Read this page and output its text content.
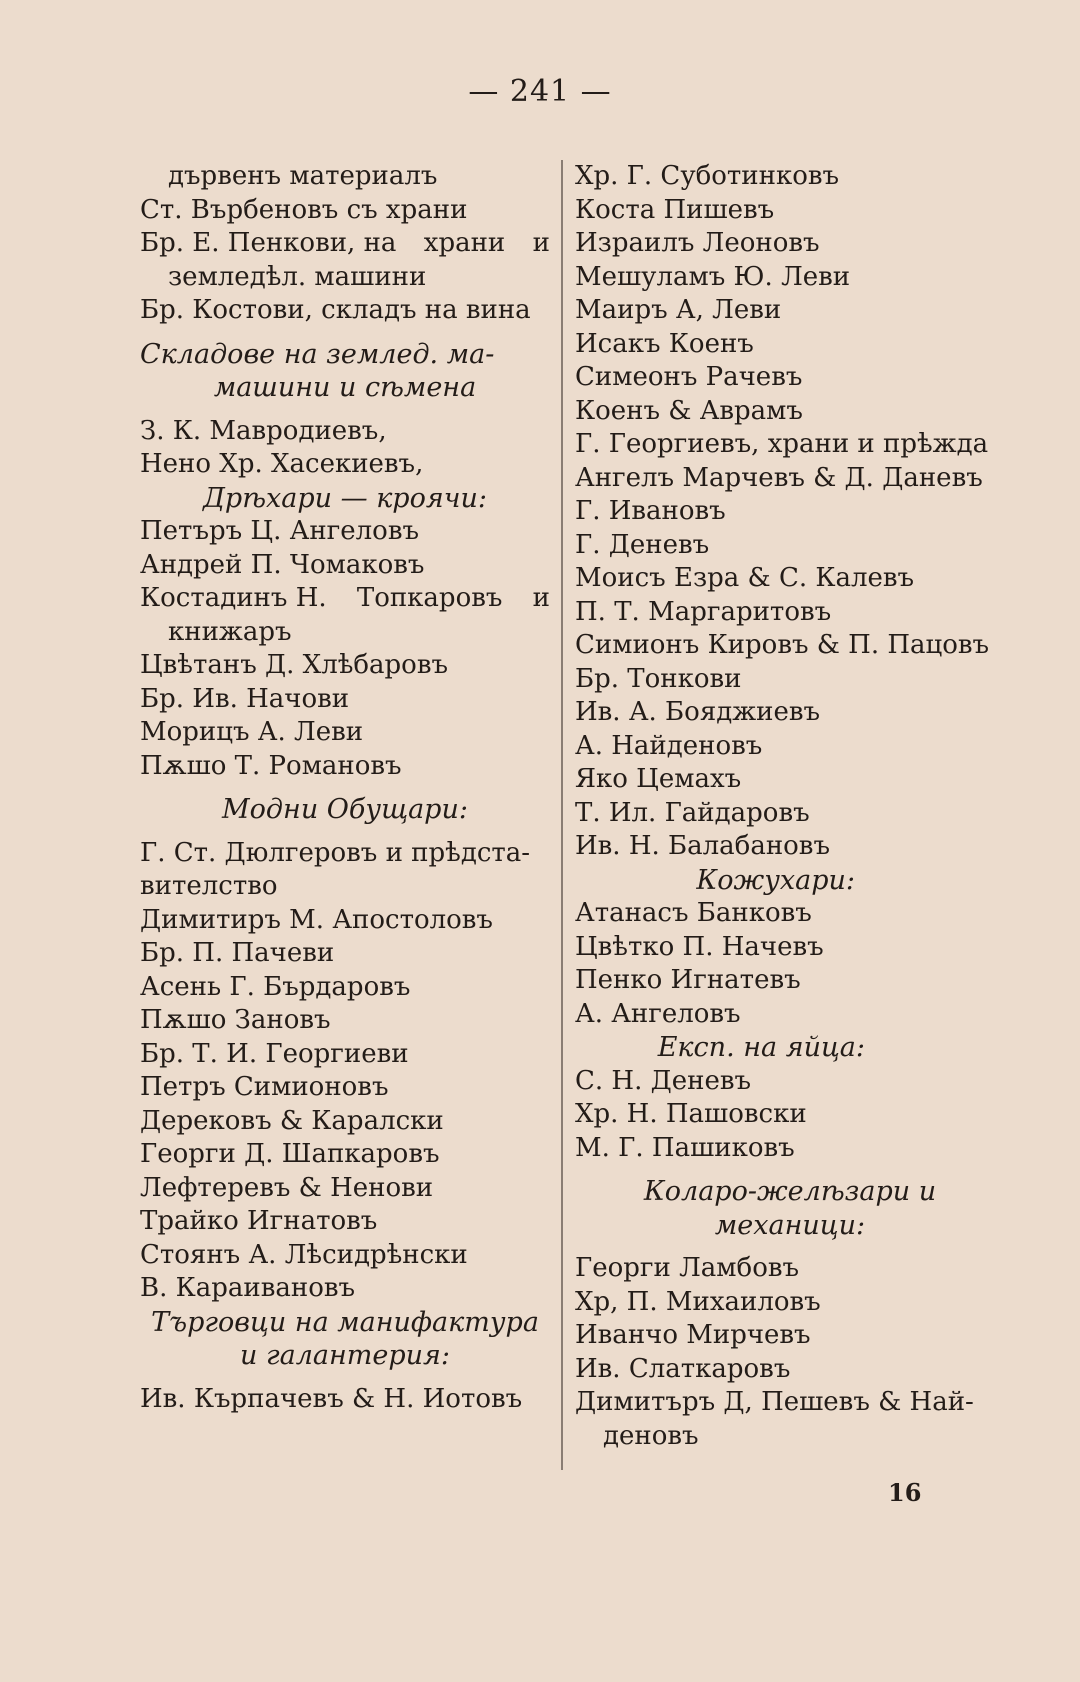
— 241 —
дървенъ материалъ
Ст. Върбеновъ съ храни
Бр. Е. Пенкови, на храни и
земледѣл. машини
Бр. Костови, складъ на вина
Складове на землед. ма-
машини и сѣмена
З. К. Мавродиевъ,
Нено Хр. Хасекиевъ,
Дрѣхари — кроячи:
Петъръ Ц. Ангеловъ
Андрей П. Чомаковъ
Костадинъ Н. Топкаровъ и
книжаръ
Цвѣтанъ Д. Хлѣбаровъ
Бр. Ив. Начови
Морицъ А. Леви
Пѫшо Т. Романовъ
Модни Обущари:
Г. Ст. Дюлгеровъ и прѣдста-
вителство
Димитиръ М. Апостоловъ
Бр. П. Пачеви
Асень Г. Бърдаровъ
Пѫшо Зановъ
Бр. Т. И. Георгиеви
Петръ Симионовъ
Дерековъ & Каралски
Георги Д. Шапкаровъ
Лефтеревъ & Ненови
Трайко Игнатовъ
Стоянъ А. Лѣсидрѣнски
В. Караивановъ
Търговци на манифактура
и галантерия:
Ив. Кърпачевъ & Н. Иотовъ
Хр. Г. Суботинковъ
Коста Пишевъ
Израилъ Леоновъ
Мешуламъ Ю. Леви
Маиръ А, Леви
Исакъ Коенъ
Симеонъ Рачевъ
Коенъ & Аврамъ
Г. Георгиевъ, храни и прѣжда
Ангелъ Марчевъ & Д. Даневъ
Г. Ивановъ
Г. Деневъ
Моисъ Езра & С. Калевъ
П. Т. Маргаритовъ
Симионъ Кировъ & П. Пацовъ
Бр. Тонкови
Ив. А. Бояджиевъ
А. Найденовъ
Яко Цемахъ
Т. Ил. Гайдаровъ
Ив. Н. Балабановъ
Кожухари:
Атанасъ Банковъ
Цвѣтко П. Начевъ
Пенко Игнатевъ
А. Ангеловъ
Експ. на яйца:
С. Н. Деневъ
Хр. Н. Пашовски
М. Г. Пашиковъ
Коларо-желѣзари и
механици:
Георги Ламбовъ
Хр, П. Михаиловъ
Иванчо Мирчевъ
Ив. Слаткаровъ
Димитъръ Д, Пешевъ & Най-
деновъ
16
